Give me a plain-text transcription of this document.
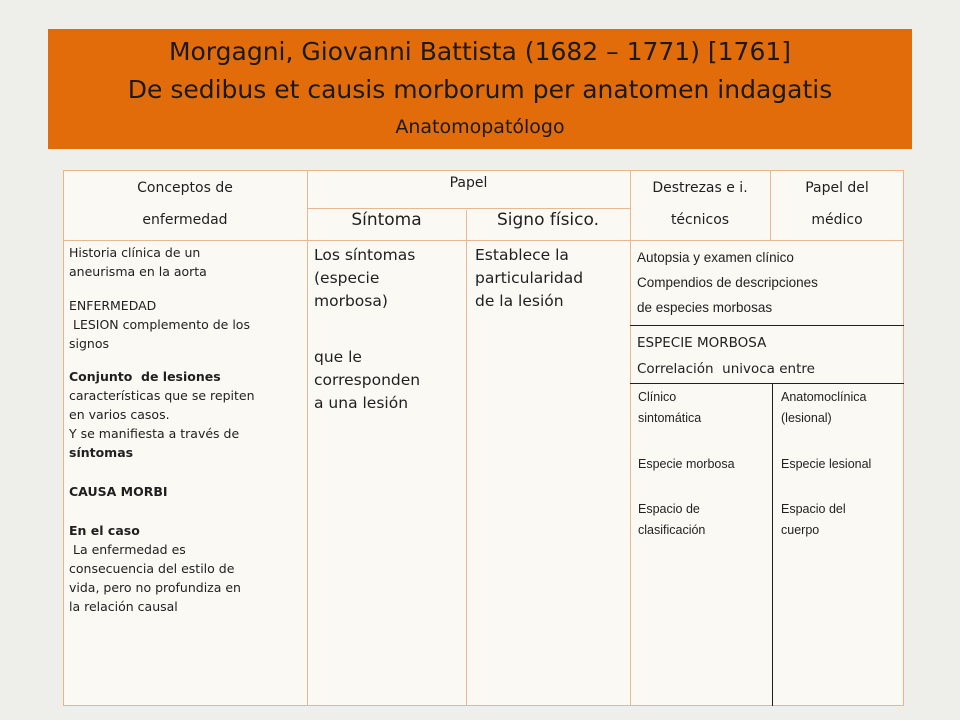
Morgagni, Giovanni Battista (1682 – 1771) [1761]
De sedibus et causis morborum per anatomen indagatis
Anatomopatólogo
Conceptos de
enfermedad
Papel
Síntoma	Signo físico.
Destrezas e i.
técnicos
Papel del
médico

Historia clínica de un

aneurisma en la aorta

ENFERMEDAD

LESION complemento de los

signos

Conjunto  de lesiones

características que se repiten

en varios casos.

Y se manifiesta a través de

síntomas

CAUSA MORBI

En el caso

La enfermedad es

consecuencia del estilo de

vida, pero no profundiza en

la relación causal

Los síntomas

(especie

morbosa)

que le

corresponden

a una lesión

Establece la

particularidad

de la lesión

Autopsia y examen clínico

Compendios de descripciones

de especies morbosas

ESPECIE MORBOSA

Correlación  univoca entre

Clínico

sintomática

Especie morbosa

Espacio de

clasificación

Anatomoclínica

(lesional)

Especie lesional

Espacio del

cuerpo
